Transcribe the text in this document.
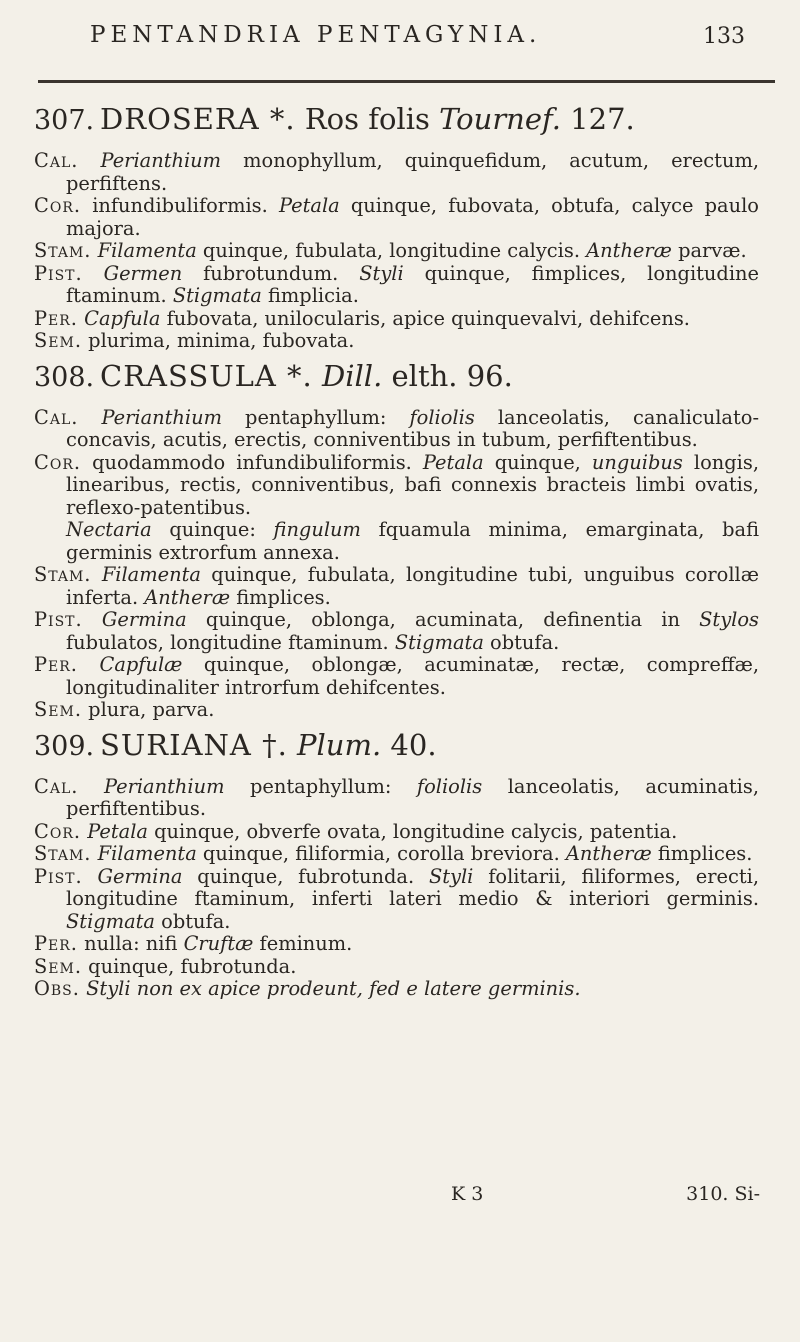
PENTANDRIA PENTAGYNIA.	133
307. DROSERA *. Ros folis Tournef. 127.

Cal. Perianthium monophyllum, quinquefidum, acutum, erectum, perfiftens.

Cor. infundibuliformis. Petala quinque, fubovata, obtufa, calyce paulo majora.

Stam. Filamenta quinque, fubulata, longitudine calycis. Antheræ parvæ.

Pist. Germen fubrotundum. Styli quinque, fimplices, longitudine ftaminum. Stigmata fimplicia.

Per. Capfula fubovata, unilocularis, apice quinquevalvi, dehifcens.

Sem. plurima, minima, fubovata.

308. CRASSULA *. Dill. elth. 96.

Cal. Perianthium pentaphyllum: foliolis lanceolatis, canaliculato-concavis, acutis, erectis, conniventibus in tubum, perfiftentibus.

Cor. quodammodo infundibuliformis. Petala quinque, unguibus longis, linearibus, rectis, conniventibus, bafi connexis bracteis limbi ovatis, reflexo-patentibus.

Nectaria quinque: fingulum fquamula minima, emarginata, bafi germinis extrorfum annexa.

Stam. Filamenta quinque, fubulata, longitudine tubi, unguibus corollæ inferta. Antheræ fimplices.

Pist. Germina quinque, oblonga, acuminata, definentia in Stylos fubulatos, longitudine ftaminum. Stigmata obtufa.

Per. Capfulæ quinque, oblongæ, acuminatæ, rectæ, compreffæ, longitudinaliter introrfum dehifcentes.

Sem. plura, parva.

309. SURIANA †. Plum. 40.

Cal. Perianthium pentaphyllum: foliolis lanceolatis, acuminatis, perfiftentibus.

Cor. Petala quinque, obverfe ovata, longitudine calycis, patentia.

Stam. Filamenta quinque, filiformia, corolla breviora. Antheræ fimplices.

Pist. Germina quinque, fubrotunda. Styli folitarii, filiformes, erecti, longitudine ftaminum, inferti lateri medio & interiori germinis. Stigmata obtufa.

Per. nulla: nifi Cruftæ feminum.

Sem. quinque, fubrotunda.

Obs. Styli non ex apice prodeunt, fed e latere germinis.

K 3	310. Si-
